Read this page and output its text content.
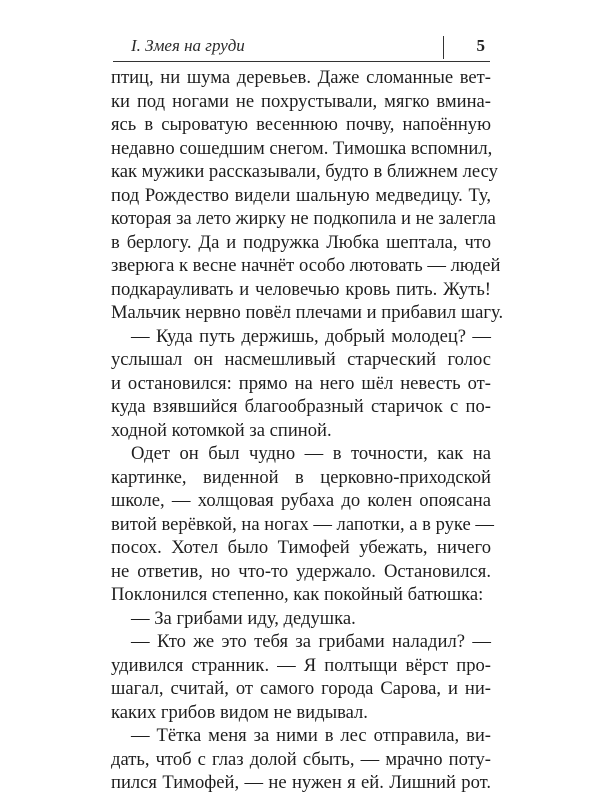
I. Змея на груди	5
птиц, ни шума деревьев. Даже сломанные вет-
ки под ногами не похрустывали, мягко вмина-
ясь в сыроватую весеннюю почву, напоённую
недавно сошедшим снегом. Тимошка вспомнил,
как мужики рассказывали, будто в ближнем лесу
под Рождество видели шальную медведицу. Ту,
которая за лето жирку не подкопила и не залегла
в берлогу. Да и подружка Любка шептала, что
зверюга к весне начнёт особо лютовать — людей
подкарауливать и человечью кровь пить. Жуть!
Мальчик нервно повёл плечами и прибавил шагу.
— Куда путь держишь, добрый молодец? —
услышал он насмешливый старческий голос
и остановился: прямо на него шёл невесть от-
куда взявшийся благообразный старичок с по-
ходной котомкой за спиной.
Одет он был чудно — в точности, как на
картинке, виденной в церковно-приходской
школе, — холщовая рубаха до колен опоясана
витой верёвкой, на ногах — лапотки, а в руке —
посох. Хотел было Тимофей убежать, ничего
не ответив, но что-то удержало. Остановился.
Поклонился степенно, как покойный батюшка:
— За грибами иду, дедушка.
— Кто же это тебя за грибами наладил? —
удивился странник. — Я полтыщи вёрст про-
шагал, считай, от самого города Сарова, и ни-
каких грибов видом не видывал.
— Тётка меня за ними в лес отправила, ви-
дать, чтоб с глаз долой сбыть, — мрачно поту-
пился Тимофей, — не нужен я ей. Лишний рот.
